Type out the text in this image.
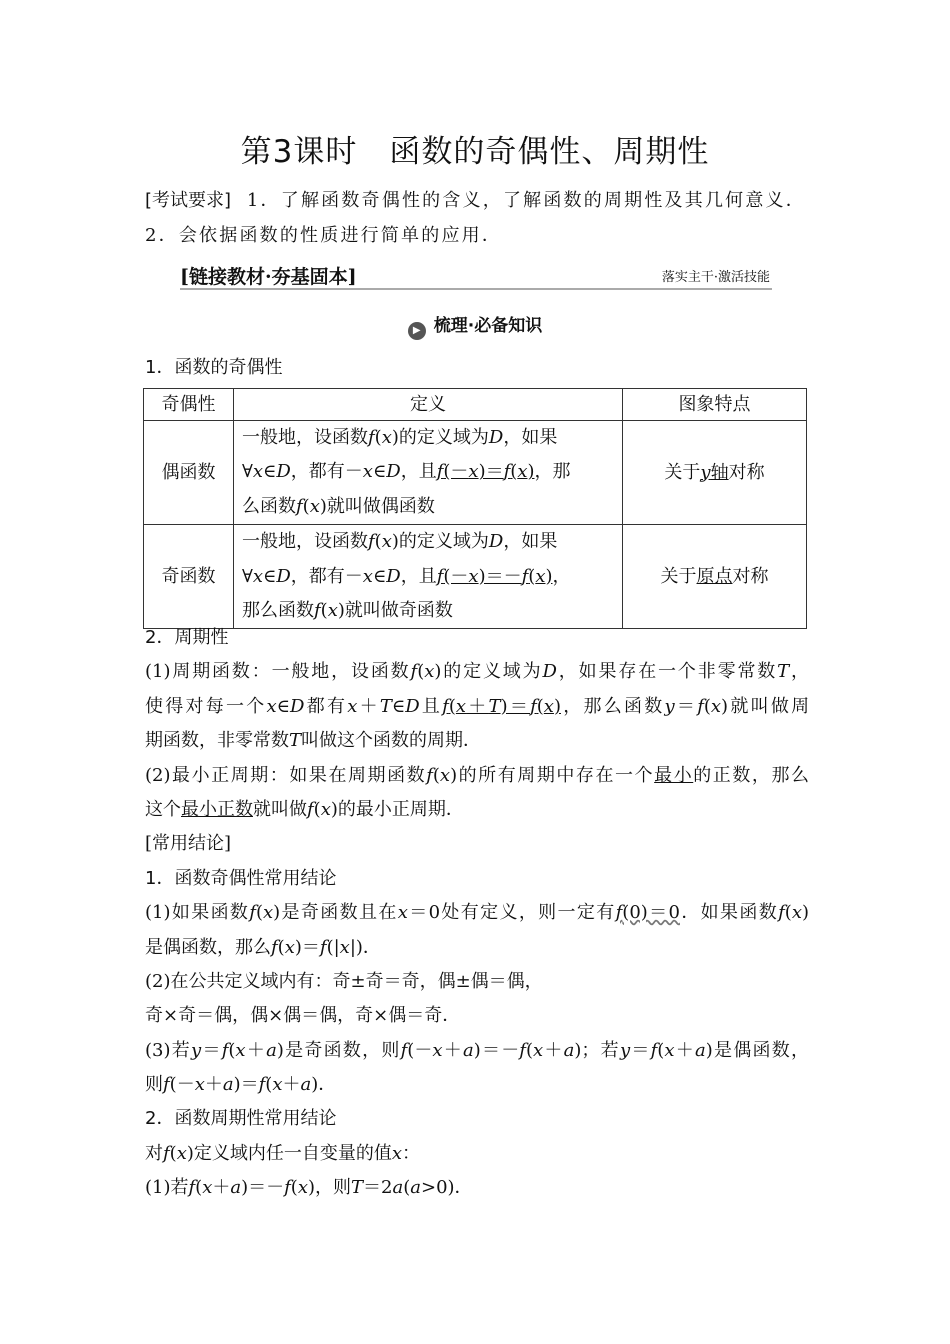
第3课时　函数的奇偶性、周期性
[考试要求] 1．了解函数奇偶性的含义，了解函数的周期性及其几何意义．
2．会依据函数的性质进行简单的应用．
[链接教材·夯基固本]	落实主干·激活技能
▶ 梳理·必备知识
1．函数的奇偶性
奇偶性	定义	图象特点
偶函数	一般地，设函数f(x)的定义域为D，如果
∀x∈D，都有－x∈D，且f(－x)＝f(x)，那
么函数f(x)就叫做偶函数	关于y轴对称
奇函数	一般地，设函数f(x)的定义域为D，如果
∀x∈D，都有－x∈D，且f(－x)＝－f(x)，
那么函数f(x)就叫做奇函数	关于原点对称
2．周期性
(1)周期函数：一般地，设函数f(x)的定义域为D，如果存在一个非零常数T，
使得对每一个x∈D都有x＋T∈D且f(x＋T)＝f(x)，那么函数y＝f(x)就叫做周
期函数，非零常数T叫做这个函数的周期．
(2)最小正周期：如果在周期函数f(x)的所有周期中存在一个最小的正数，那么
这个最小正数就叫做f(x)的最小正周期．
[常用结论]
1．函数奇偶性常用结论
(1)如果函数f(x)是奇函数且在x＝0处有定义，则一定有f(0)＝0．如果函数f(x)
是偶函数，那么f(x)＝f(|x|)．
(2)在公共定义域内有：奇±奇＝奇，偶±偶＝偶，
奇×奇＝偶，偶×偶＝偶，奇×偶＝奇．
(3)若y＝f(x＋a)是奇函数，则f(－x＋a)＝－f(x＋a)；若y＝f(x＋a)是偶函数，
则f(－x＋a)＝f(x＋a)．
2．函数周期性常用结论
对f(x)定义域内任一自变量的值x：
(1)若f(x＋a)＝－f(x)，则T＝2a(a>0)．
